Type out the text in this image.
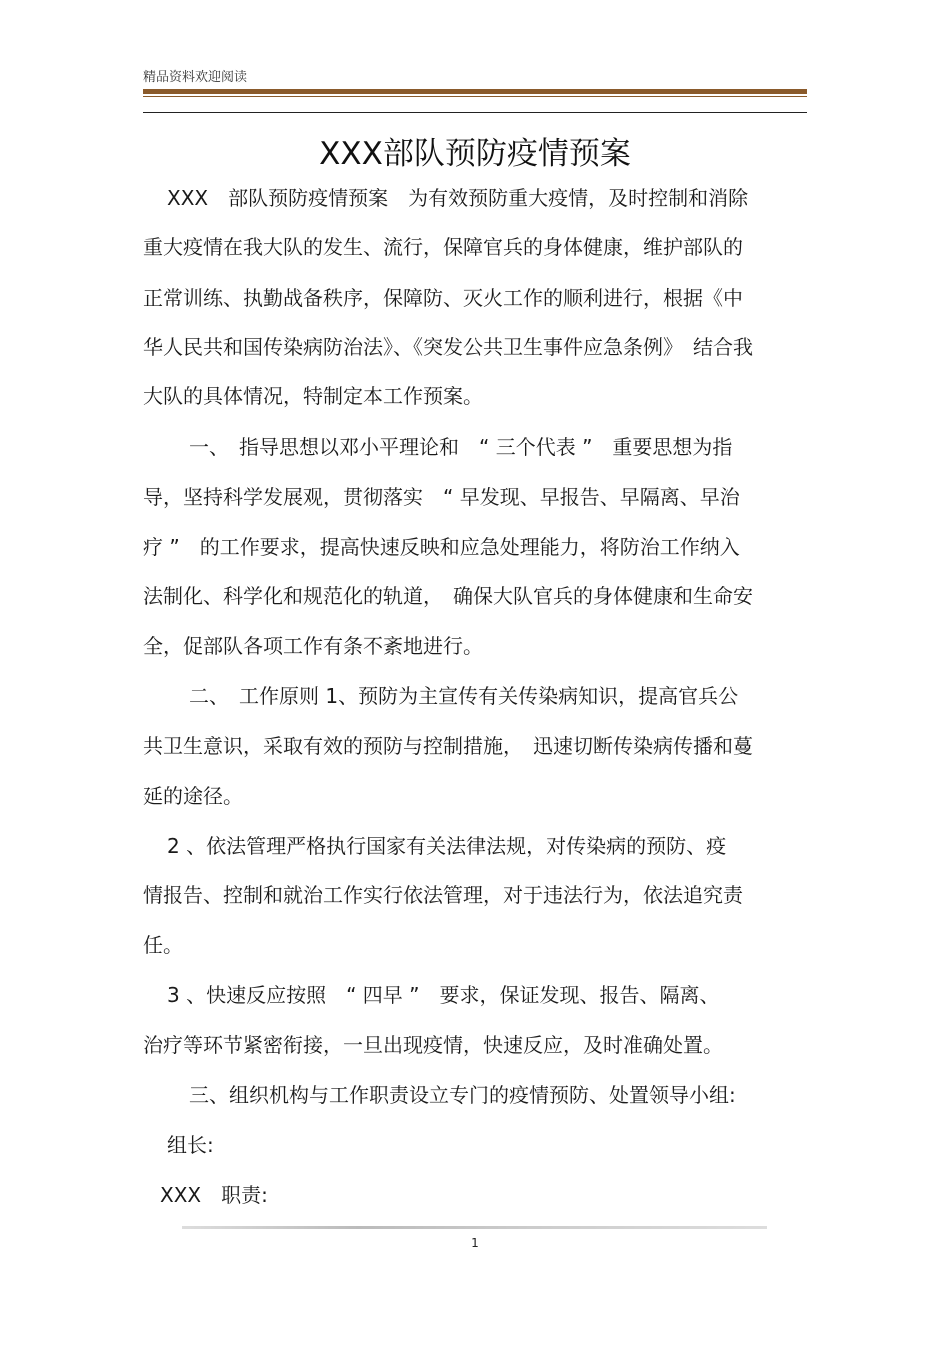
精品资料欢迎阅读
XXX部队预防疫情预案
XXX　部队预防疫情预案　为有效预防重大疫情，及时控制和消除
重大疫情在我大队的发生、流行，保障官兵的身体健康，维护部队的
正常训练、执勤战备秩序，保障防、灭火工作的顺利进行，根据《中
华人民共和国传染病防治法》、《突发公共卫生事件应急条例》　结合我
大队的具体情况，特制定本工作预案。
一、　指导思想以邓小平理论和　“ 三个代表 ”　重要思想为指
导，坚持科学发展观，贯彻落实　“ 早发现、早报告、早隔离、早治
疗 ”　的工作要求，提高快速反映和应急处理能力，将防治工作纳入
法制化、科学化和规范化的轨道，　确保大队官兵的身体健康和生命安
全，促部队各项工作有条不紊地进行。
二、　工作原则 1、预防为主宣传有关传染病知识，提高官兵公
共卫生意识，采取有效的预防与控制措施，　迅速切断传染病传播和蔓
延的途径。
2 、依法管理严格执行国家有关法律法规，对传染病的预防、疫
情报告、控制和就治工作实行依法管理，对于违法行为，依法追究责
任。
3 、快速反应按照　“ 四早 ”　要求，保证发现、报告、隔离、
治疗等环节紧密衔接，一旦出现疫情，快速反应，及时准确处置。
三、组织机构与工作职责设立专门的疫情预防、处置领导小组:
组长:
XXX　职责:
1
